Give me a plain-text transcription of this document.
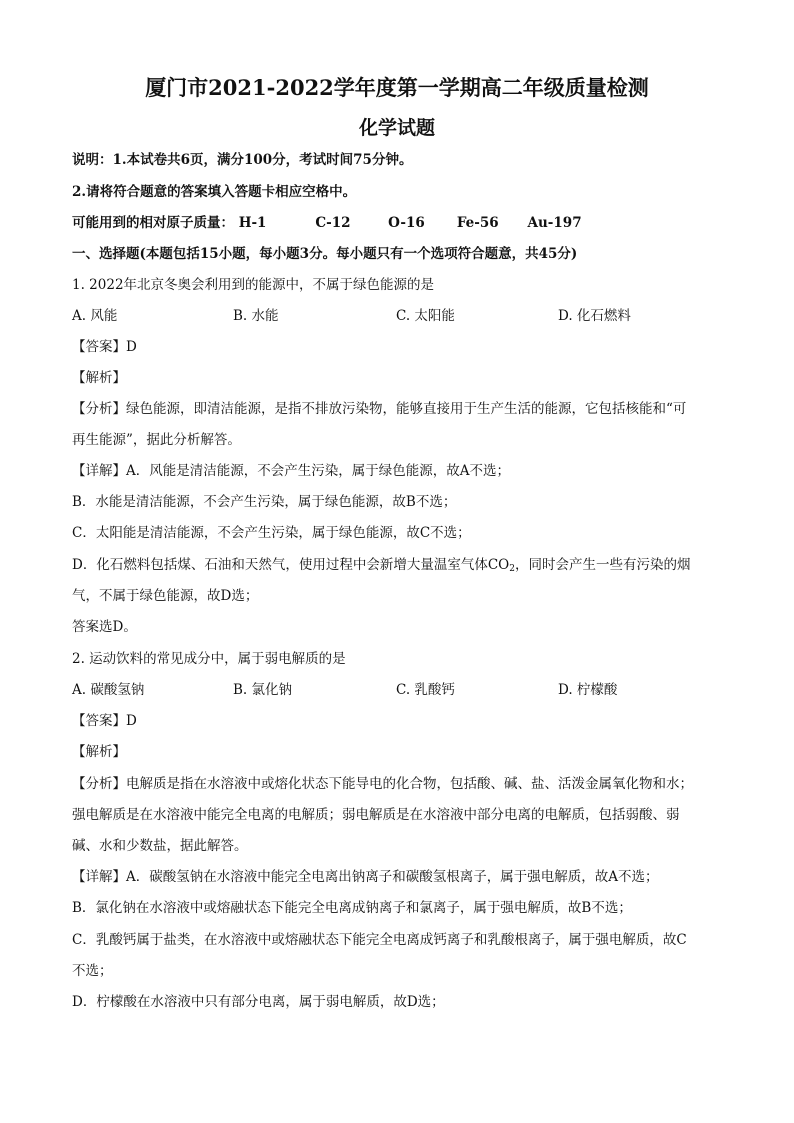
厦门市2021-2022学年度第一学期高二年级质量检测
化学试题
说明：1.本试卷共6页，满分100分，考试时间75分钟。
2.请将符合题意的答案填入答题卡相应空格中。
可能用到的相对原子质量： H-1	C-12	O-16 Fe-56 Au-197
一、选择题(本题包括15小题，每小题3分。每小题只有一个选项符合题意，共45分)
1. 2022年北京冬奥会利用到的能源中，不属于绿色能源的是
A. 风能	B. 水能	C. 太阳能	D. 化石燃料
【答案】D
【解析】
【分析】绿色能源，即清洁能源，是指不排放污染物，能够直接用于生产生活的能源，它包括核能和“可
再生能源”，据此分析解答。
【详解】A．风能是清洁能源，不会产生污染，属于绿色能源，故A不选；
B．水能是清洁能源，不会产生污染，属于绿色能源，故B不选；
C．太阳能是清洁能源，不会产生污染，属于绿色能源，故C不选；
D．化石燃料包括煤、石油和天然气，使用过程中会新增大量温室气体$CO_2$，同时会产生一些有污染的烟
气，不属于绿色能源，故D选；
答案选D。
2. 运动饮料的常见成分中，属于弱电解质的是
A. 碳酸氢钠	B. 氯化钠	C. 乳酸钙	D. 柠檬酸
【答案】D
【解析】
【分析】电解质是指在水溶液中或熔化状态下能导电的化合物，包括酸、碱、盐、活泼金属氧化物和水；
强电解质是在水溶液中能完全电离的电解质；弱电解质是在水溶液中部分电离的电解质，包括弱酸、弱
碱、水和少数盐，据此解答。
【详解】A．碳酸氢钠在水溶液中能完全电离出钠离子和碳酸氢根离子，属于强电解质，故A不选；
B．氯化钠在水溶液中或熔融状态下能完全电离成钠离子和氯离子，属于强电解质，故B不选；
C．乳酸钙属于盐类，在水溶液中或熔融状态下能完全电离成钙离子和乳酸根离子，属于强电解质，故C
不选；
D．柠檬酸在水溶液中只有部分电离，属于弱电解质，故D选；
